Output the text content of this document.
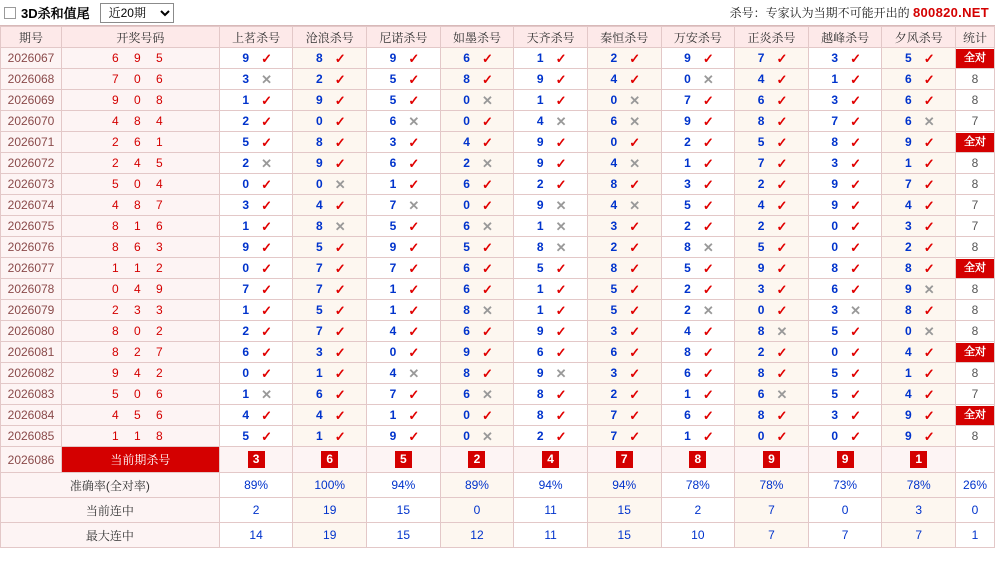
3D杀和值尾
近20期	杀号：专家认为当期不可能开出的 800820.NET
期号	开奖号码	上茗杀号	沧浪杀号	尼诺杀号	如墨杀号	天齐杀号	秦恒杀号	万安杀号	正炎杀号	越峰杀号	夕风杀号	统计
2026067	6 9 5	9 ✓	8 ✓	9 ✓	6 ✓	1 ✓	2 ✓	9 ✓	7 ✓	3 ✓	5 ✓	全对

2026068	7 0 6	3 ✕	2 ✓	5 ✓	8 ✓	9 ✓	4 ✓	0 ✕	4 ✓	1 ✓	6 ✓	8
2026069	9 0 8	1 ✓	9 ✓	5 ✓	0 ✕	1 ✓	0 ✕	7 ✓	6 ✓	3 ✓	6 ✓	8
2026070	4 8 4	2 ✓	0 ✓	6 ✕	0 ✓	4 ✕	6 ✕	9 ✓	8 ✓	7 ✓	6 ✕	7
2026071	2 6 1	5 ✓	8 ✓	3 ✓	4 ✓	9 ✓	0 ✓	2 ✓	5 ✓	8 ✓	9 ✓	全对

2026072	2 4 5	2 ✕	9 ✓	6 ✓	2 ✕	9 ✓	4 ✕	1 ✓	7 ✓	3 ✓	1 ✓	8
2026073	5 0 4	0 ✓	0 ✕	1 ✓	6 ✓	2 ✓	8 ✓	3 ✓	2 ✓	9 ✓	7 ✓	8
2026074	4 8 7	3 ✓	4 ✓	7 ✕	0 ✓	9 ✕	4 ✕	5 ✓	4 ✓	9 ✓	4 ✓	7
2026075	8 1 6	1 ✓	8 ✕	5 ✓	6 ✕	1 ✕	3 ✓	2 ✓	2 ✓	0 ✓	3 ✓	7
2026076	8 6 3	9 ✓	5 ✓	9 ✓	5 ✓	8 ✕	2 ✓	8 ✕	5 ✓	0 ✓	2 ✓	8
2026077	1 1 2	0 ✓	7 ✓	7 ✓	6 ✓	5 ✓	8 ✓	5 ✓	9 ✓	8 ✓	8 ✓	全对

2026078	0 4 9	7 ✓	7 ✓	1 ✓	6 ✓	1 ✓	5 ✓	2 ✓	3 ✓	6 ✓	9 ✕	8
2026079	2 3 3	1 ✓	5 ✓	1 ✓	8 ✕	1 ✓	5 ✓	2 ✕	0 ✓	3 ✕	8 ✓	8
2026080	8 0 2	2 ✓	7 ✓	4 ✓	6 ✓	9 ✓	3 ✓	4 ✓	8 ✕	5 ✓	0 ✕	8
2026081	8 2 7	6 ✓	3 ✓	0 ✓	9 ✓	6 ✓	6 ✓	8 ✓	2 ✓	0 ✓	4 ✓	全对

2026082	9 4 2	0 ✓	1 ✓	4 ✕	8 ✓	9 ✕	3 ✓	6 ✓	8 ✓	5 ✓	1 ✓	8
2026083	5 0 6	1 ✕	6 ✓	7 ✓	6 ✕	8 ✓	2 ✓	1 ✓	6 ✕	5 ✓	4 ✓	7
2026084	4 5 6	4 ✓	4 ✓	1 ✓	0 ✓	8 ✓	7 ✓	6 ✓	8 ✓	3 ✓	9 ✓	全对

2026085	1 1 8	5 ✓	1 ✓	9 ✓	0 ✕	2 ✓	7 ✓	1 ✓	0 ✓	0 ✓	9 ✓	8
2026086	当前期杀号	3	6	5	2	4	7	8	9	9	1	
准确率(全对率)		89%	100%	94%	89%	94%	94%	78%	78%	73%	78%	26%
当前连中		2	19	15	0	11	15	2	7	0	3	0
最大连中		14	19	15	12	11	15	10	7	7	7	1
